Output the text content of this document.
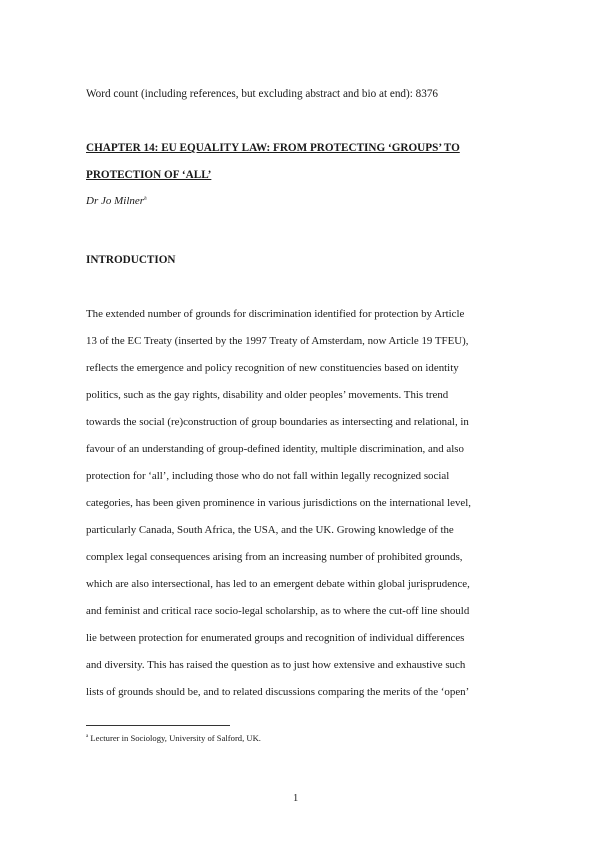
Word count (including references, but excluding abstract and bio at end): 8376
CHAPTER 14: EU EQUALITY LAW: FROM PROTECTING ‘GROUPS’ TO
PROTECTION OF ‘ALL’
Dr Jo Milner$^a$
INTRODUCTION
The extended number of grounds for discrimination identified for protection by Article
13 of the EC Treaty (inserted by the 1997 Treaty of Amsterdam, now Article 19 TFEU),
reflects the emergence and policy recognition of new constituencies based on identity
politics, such as the gay rights, disability and older peoples’ movements. This trend
towards the social (re)construction of group boundaries as intersecting and relational, in
favour of an understanding of group-defined identity, multiple discrimination, and also
protection for ‘all’, including those who do not fall within legally recognized social
categories, has been given prominence in various jurisdictions on the international level,
particularly Canada, South Africa, the USA, and the UK. Growing knowledge of the
complex legal consequences arising from an increasing number of prohibited grounds,
which are also intersectional, has led to an emergent debate within global jurisprudence,
and feminist and critical race socio-legal scholarship, as to where the cut-off line should
lie between protection for enumerated groups and recognition of individual differences
and diversity. This has raised the question as to just how extensive and exhaustive such
lists of grounds should be, and to related discussions comparing the merits of the ‘open’
$^a$ Lecturer in Sociology, University of Salford, UK.
1
